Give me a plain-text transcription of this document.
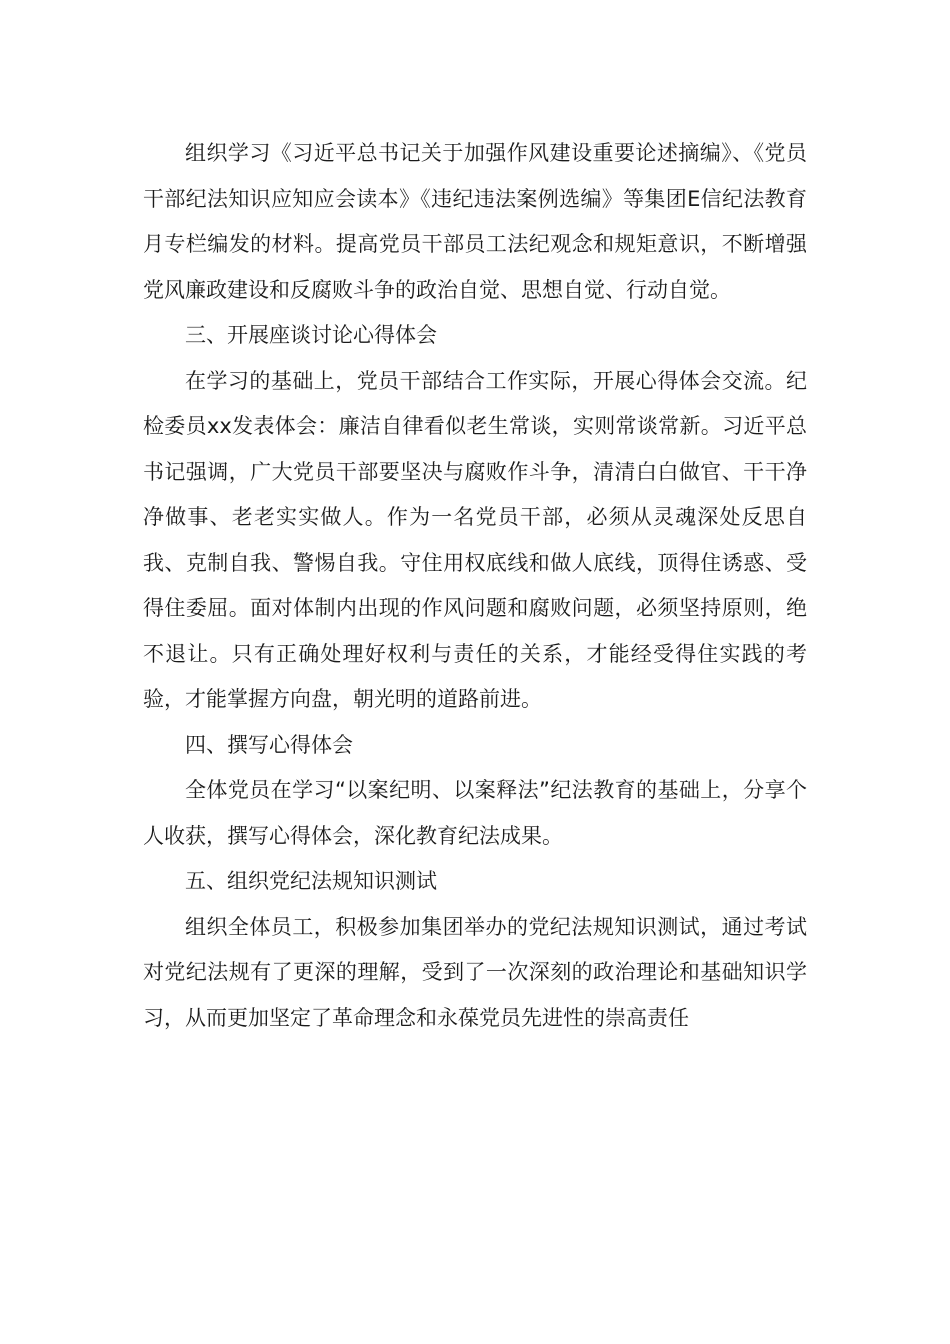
组织学习《习近平总书记关于加强作风建设重要论述摘编》、《党员干部纪法知识应知应会读本》《违纪违法案例选编》等集团E信纪法教育月专栏编发的材料。提高党员干部员工法纪观念和规矩意识，不断增强党风廉政建设和反腐败斗争的政治自觉、思想自觉、行动自觉。

三、开展座谈讨论心得体会

在学习的基础上，党员干部结合工作实际，开展心得体会交流。纪检委员xx发表体会：廉洁自律看似老生常谈，实则常谈常新。习近平总书记强调，广大党员干部要坚决与腐败作斗争，清清白白做官、干干净净做事、老老实实做人。作为一名党员干部，必须从灵魂深处反思自我、克制自我、警惕自我。守住用权底线和做人底线，顶得住诱惑、受得住委屈。面对体制内出现的作风问题和腐败问题，必须坚持原则，绝不退让。只有正确处理好权利与责任的关系，才能经受得住实践的考验，才能掌握方向盘，朝光明的道路前进。

四、撰写心得体会

全体党员在学习“以案纪明、以案释法”纪法教育的基础上，分享个人收获，撰写心得体会，深化教育纪法成果。

五、组织党纪法规知识测试

组织全体员工，积极参加集团举办的党纪法规知识测试，通过考试对党纪法规有了更深的理解，受到了一次深刻的政治理论和基础知识学习，从而更加坚定了革命理念和永葆党员先进性的崇高责任
